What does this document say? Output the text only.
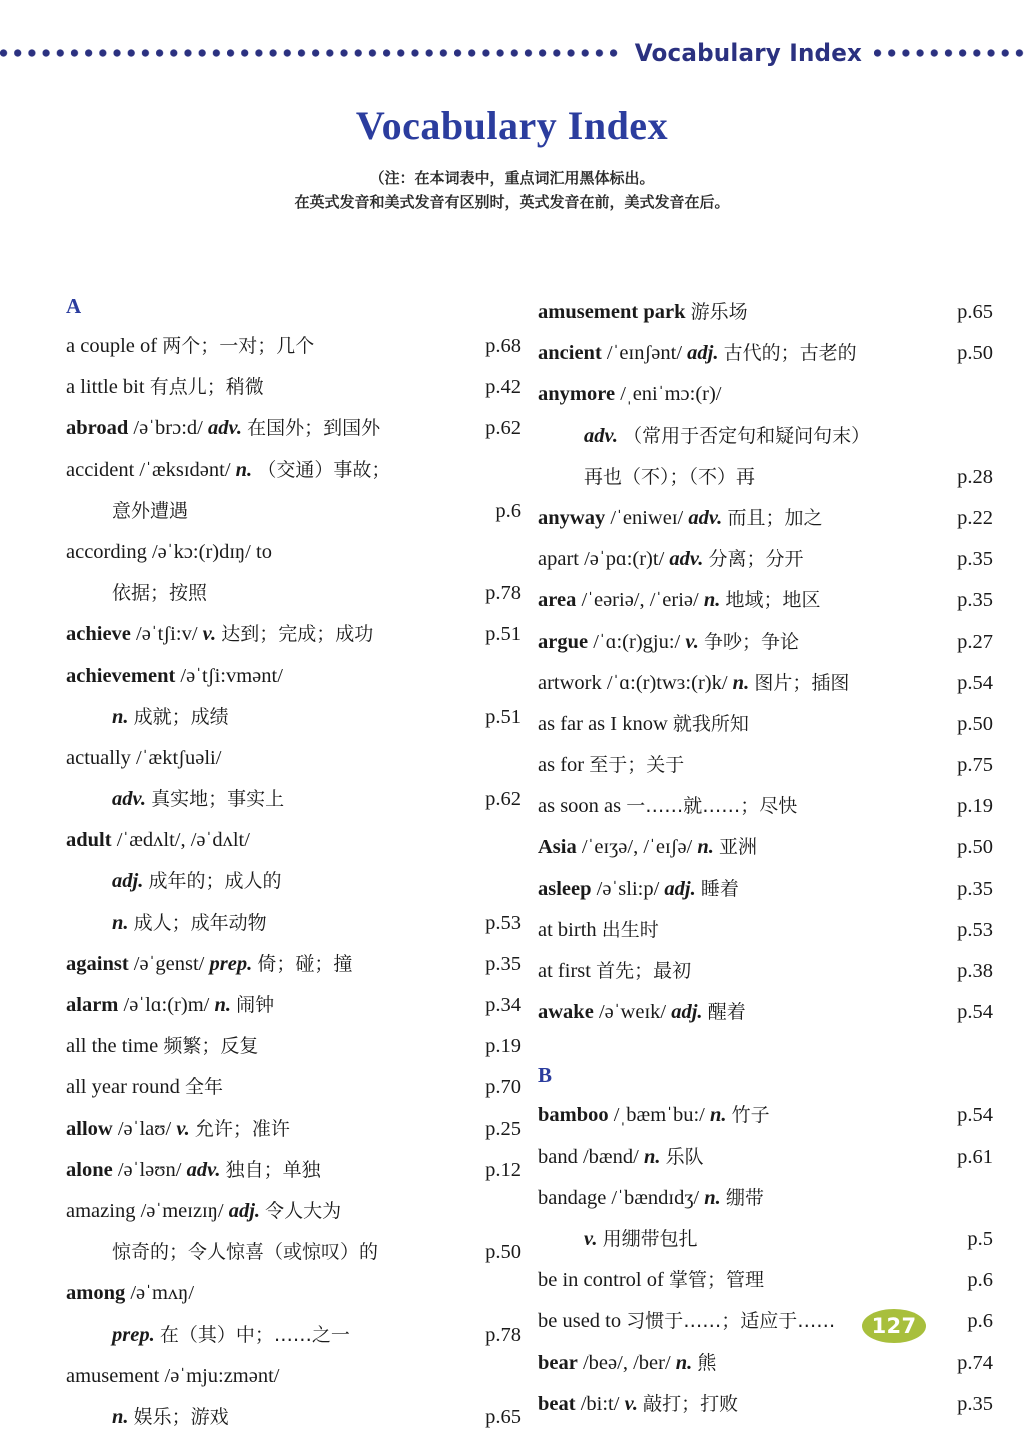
Vocabulary Index
Vocabulary Index
（注：在本词表中，重点词汇用黑体标出。
在英式发音和美式发音有区别时，英式发音在前，美式发音在后。
A
a couple of 两个；一对；几个	p.68
a little bit 有点儿；稍微	p.42
abroad /əˈbrɔ:d/ adv. 在国外；到国外	p.62
accident /ˈæksɪdənt/ n. （交通）事故；
意外遭遇	p.6
according /əˈkɔ:(r)dɪŋ/ to
依据；按照	p.78
achieve /əˈtʃi:v/ v. 达到；完成；成功	p.51
achievement /əˈtʃi:vmənt/
n. 成就；成绩	p.51
actually /ˈæktʃuəli/
adv. 真实地；事实上	p.62
adult /ˈædʌlt/, /əˈdʌlt/
adj. 成年的；成人的
n. 成人；成年动物	p.53
against /əˈgenst/ prep. 倚；碰；撞	p.35
alarm /əˈlɑ:(r)m/ n. 闹钟	p.34
all the time 频繁；反复	p.19
all year round 全年	p.70
allow /əˈlaʊ/ v. 允许；准许	p.25
alone /əˈləʊn/ adv. 独自；单独	p.12
amazing /əˈmeɪzɪŋ/ adj. 令人大为
惊奇的；令人惊喜（或惊叹）的	p.50
among /əˈmʌŋ/
prep. 在（其）中；……之一	p.78
amusement /əˈmju:zmənt/
n. 娱乐；游戏	p.65
amusement park 游乐场	p.65
ancient /ˈeɪnʃənt/ adj. 古代的；古老的	p.50
anymore /ˌeniˈmɔ:(r)/
adv. （常用于否定句和疑问句末）
再也（不）；（不）再	p.28
anyway /ˈeniweɪ/ adv. 而且；加之	p.22
apart /əˈpɑ:(r)t/ adv. 分离；分开	p.35
area /ˈeəriə/, /ˈeriə/ n. 地域；地区	p.35
argue /ˈɑ:(r)gju:/ v. 争吵；争论	p.27
artwork /ˈɑ:(r)twɜ:(r)k/ n. 图片；插图	p.54
as far as I know 就我所知	p.50
as for 至于；关于	p.75
as soon as 一……就……；尽快	p.19
Asia /ˈeɪʒə/, /ˈeɪʃə/ n. 亚洲	p.50
asleep /əˈsli:p/ adj. 睡着	p.35
at birth 出生时	p.53
at first 首先；最初	p.38
awake /əˈweɪk/ adj. 醒着	p.54
B
bamboo /ˌbæmˈbu:/ n. 竹子	p.54
band /bænd/ n. 乐队	p.61
bandage /ˈbændɪdʒ/ n. 绷带
v. 用绷带包扎	p.5
be in control of 掌管；管理	p.6
be used to 习惯于……；适应于……	p.6
bear /beə/, /ber/ n. 熊	p.74
beat /bi:t/ v. 敲打；打败	p.35
127
